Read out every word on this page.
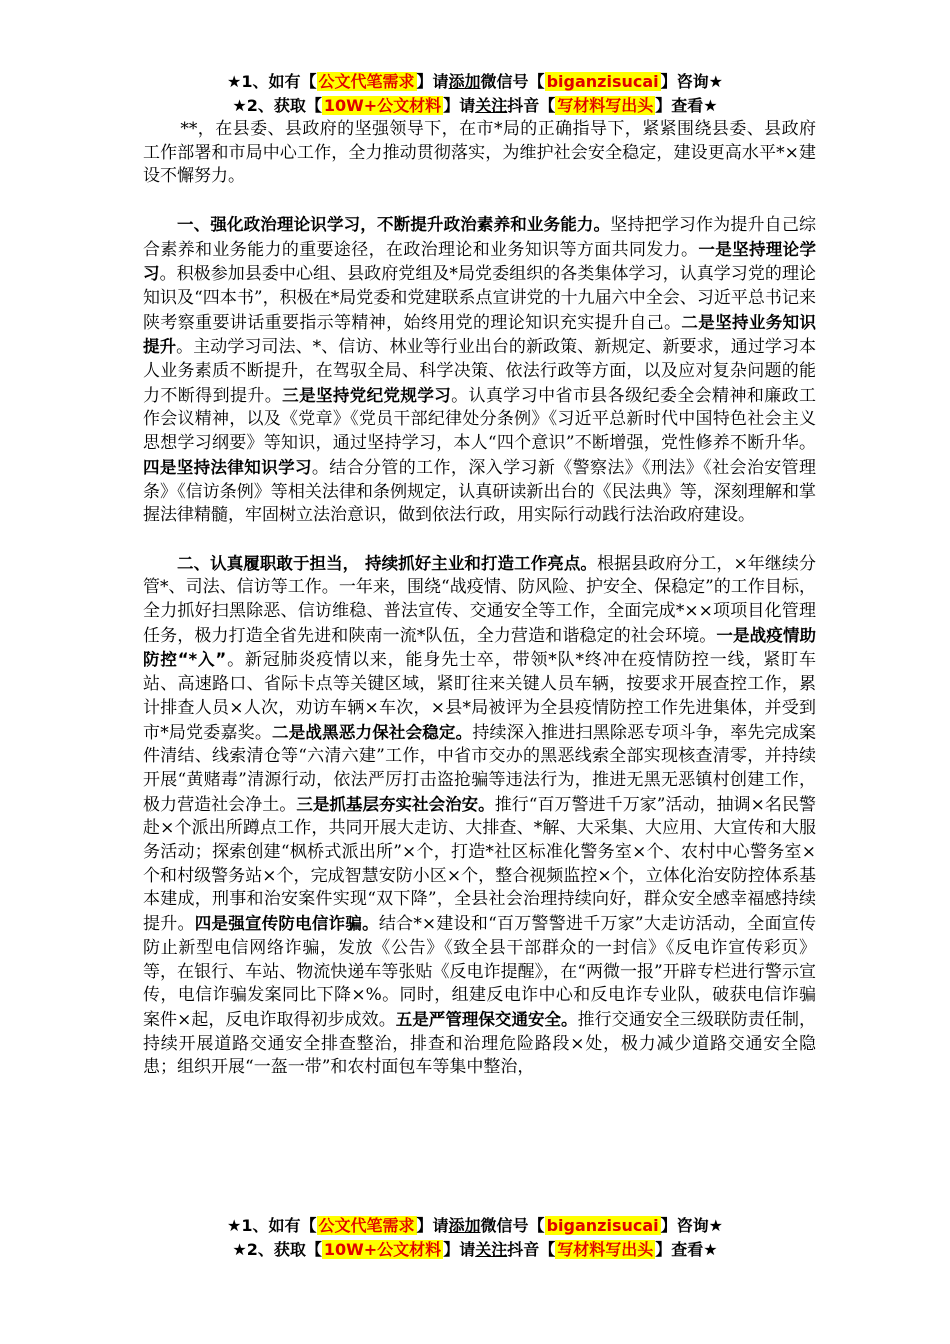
★1、如有【 公文代笔需求 】请添加微信号【 biganzisucai 】咨询★
★2、获取【 10W+公文材料 】请关注抖音【 写材料写出头 】查看★

**，在县委、县政府的坚强领导下，在市*局的正确指导下，紧紧围绕县委、县政府工作部署和市局中心工作，全力推动贯彻落实，为维护社会安全稳定，建设更高水平*×建设不懈努力。

一、强化政治理论识学习，不断提升政治素养和业务能力。坚持把学习作为提升自己综合素养和业务能力的重要途径，在政治理论和业务知识等方面共同发力。一是坚持理论学习。积极参加县委中心组、县政府党组及*局党委组织的各类集体学习，认真学习党的理论知识及“四本书”，积极在*局党委和党建联系点宣讲党的十九届六中全会、习近平总书记来陕考察重要讲话重要指示等精神，始终用党的理论知识充实提升自己。二是坚持业务知识提升。主动学习司法、*、信访、林业等行业出台的新政策、新规定、新要求，通过学习本人业务素质不断提升，在驾驭全局、科学决策、依法行政等方面，以及应对复杂问题的能力不断得到提升。三是坚持党纪党规学习。认真学习中省市县各级纪委全会精神和廉政工作会议精神，以及《党章》《党员干部纪律处分条例》《习近平总新时代中国特色社会主义思想学习纲要》等知识，通过坚持学习，本人“四个意识”不断增强，党性修养不断升华。四是坚持法律知识学习。结合分管的工作，深入学习新《警察法》《刑法》《社会治安管理条》《信访条例》等相关法律和条例规定，认真研读新出台的《民法典》等，深刻理解和掌握法律精髓，牢固树立法治意识，做到依法行政，用实际行动践行法治政府建设。

二、认真履职敢于担当， 持续抓好主业和打造工作亮点。根据县政府分工，×年继续分管*、司法、信访等工作。一年来，围绕“战疫情、防风险、护安全、保稳定”的工作目标，全力抓好扫黑除恶、信访维稳、普法宣传、交通安全等工作，全面完成*××项项目化管理任务，极力打造全省先进和陕南一流*队伍，全力营造和谐稳定的社会环境。一是战疫情助防控“*入”。新冠肺炎疫情以来，能身先士卒，带领*队*终冲在疫情防控一线，紧盯车站、高速路口、省际卡点等关键区域，紧盯往来关键人员车辆，按要求开展查控工作，累计排查人员×人次，劝访车辆×车次，×县*局被评为全县疫情防控工作先进集体，并受到市*局党委嘉奖。二是战黑恶力保社会稳定。持续深入推进扫黑除恶专项斗争，率先完成案件清结、线索清仓等“六清六建”工作，中省市交办的黑恶线索全部实现核查清零，并持续开展“黄赌毒”清源行动，依法严厉打击盗抢骗等违法行为，推进无黑无恶镇村创建工作，极力营造社会净土。三是抓基层夯实社会治安。推行“百万警进千万家”活动，抽调×名民警赴×个派出所蹲点工作，共同开展大走访、大排查、*解、大采集、大应用、大宣传和大服务活动；探索创建“枫桥式派出所”×个，打造*社区标准化警务室×个、农村中心警务室×个和村级警务站×个，完成智慧安防小区×个，整合视频监控×个，立体化治安防控体系基本建成，刑事和治安案件实现“双下降”，全县社会治理持续向好，群众安全感幸福感持续提升。四是强宣传防电信诈骗。结合*×建设和“百万警警进千万家”大走访活动，全面宣传防止新型电信网络诈骗，发放《公告》《致全县干部群众的一封信》《反电诈宣传彩页》等，在银行、车站、物流快递车等张贴《反电诈提醒》，在“两微一报”开辟专栏进行警示宣传，电信诈骗发案同比下降×%。同时，组建反电诈中心和反电诈专业队，破获电信诈骗案件×起，反电诈取得初步成效。五是严管理保交通安全。推行交通安全三级联防责任制，持续开展道路交通安全排查整治，排查和治理危险路段×处，极力减少道路交通安全隐患；组织开展“一盔一带”和农村面包车等集中整治，

★1、如有【 公文代笔需求 】请添加微信号【 biganzisucai 】咨询★
★2、获取【 10W+公文材料 】请关注抖音【 写材料写出头 】查看★
